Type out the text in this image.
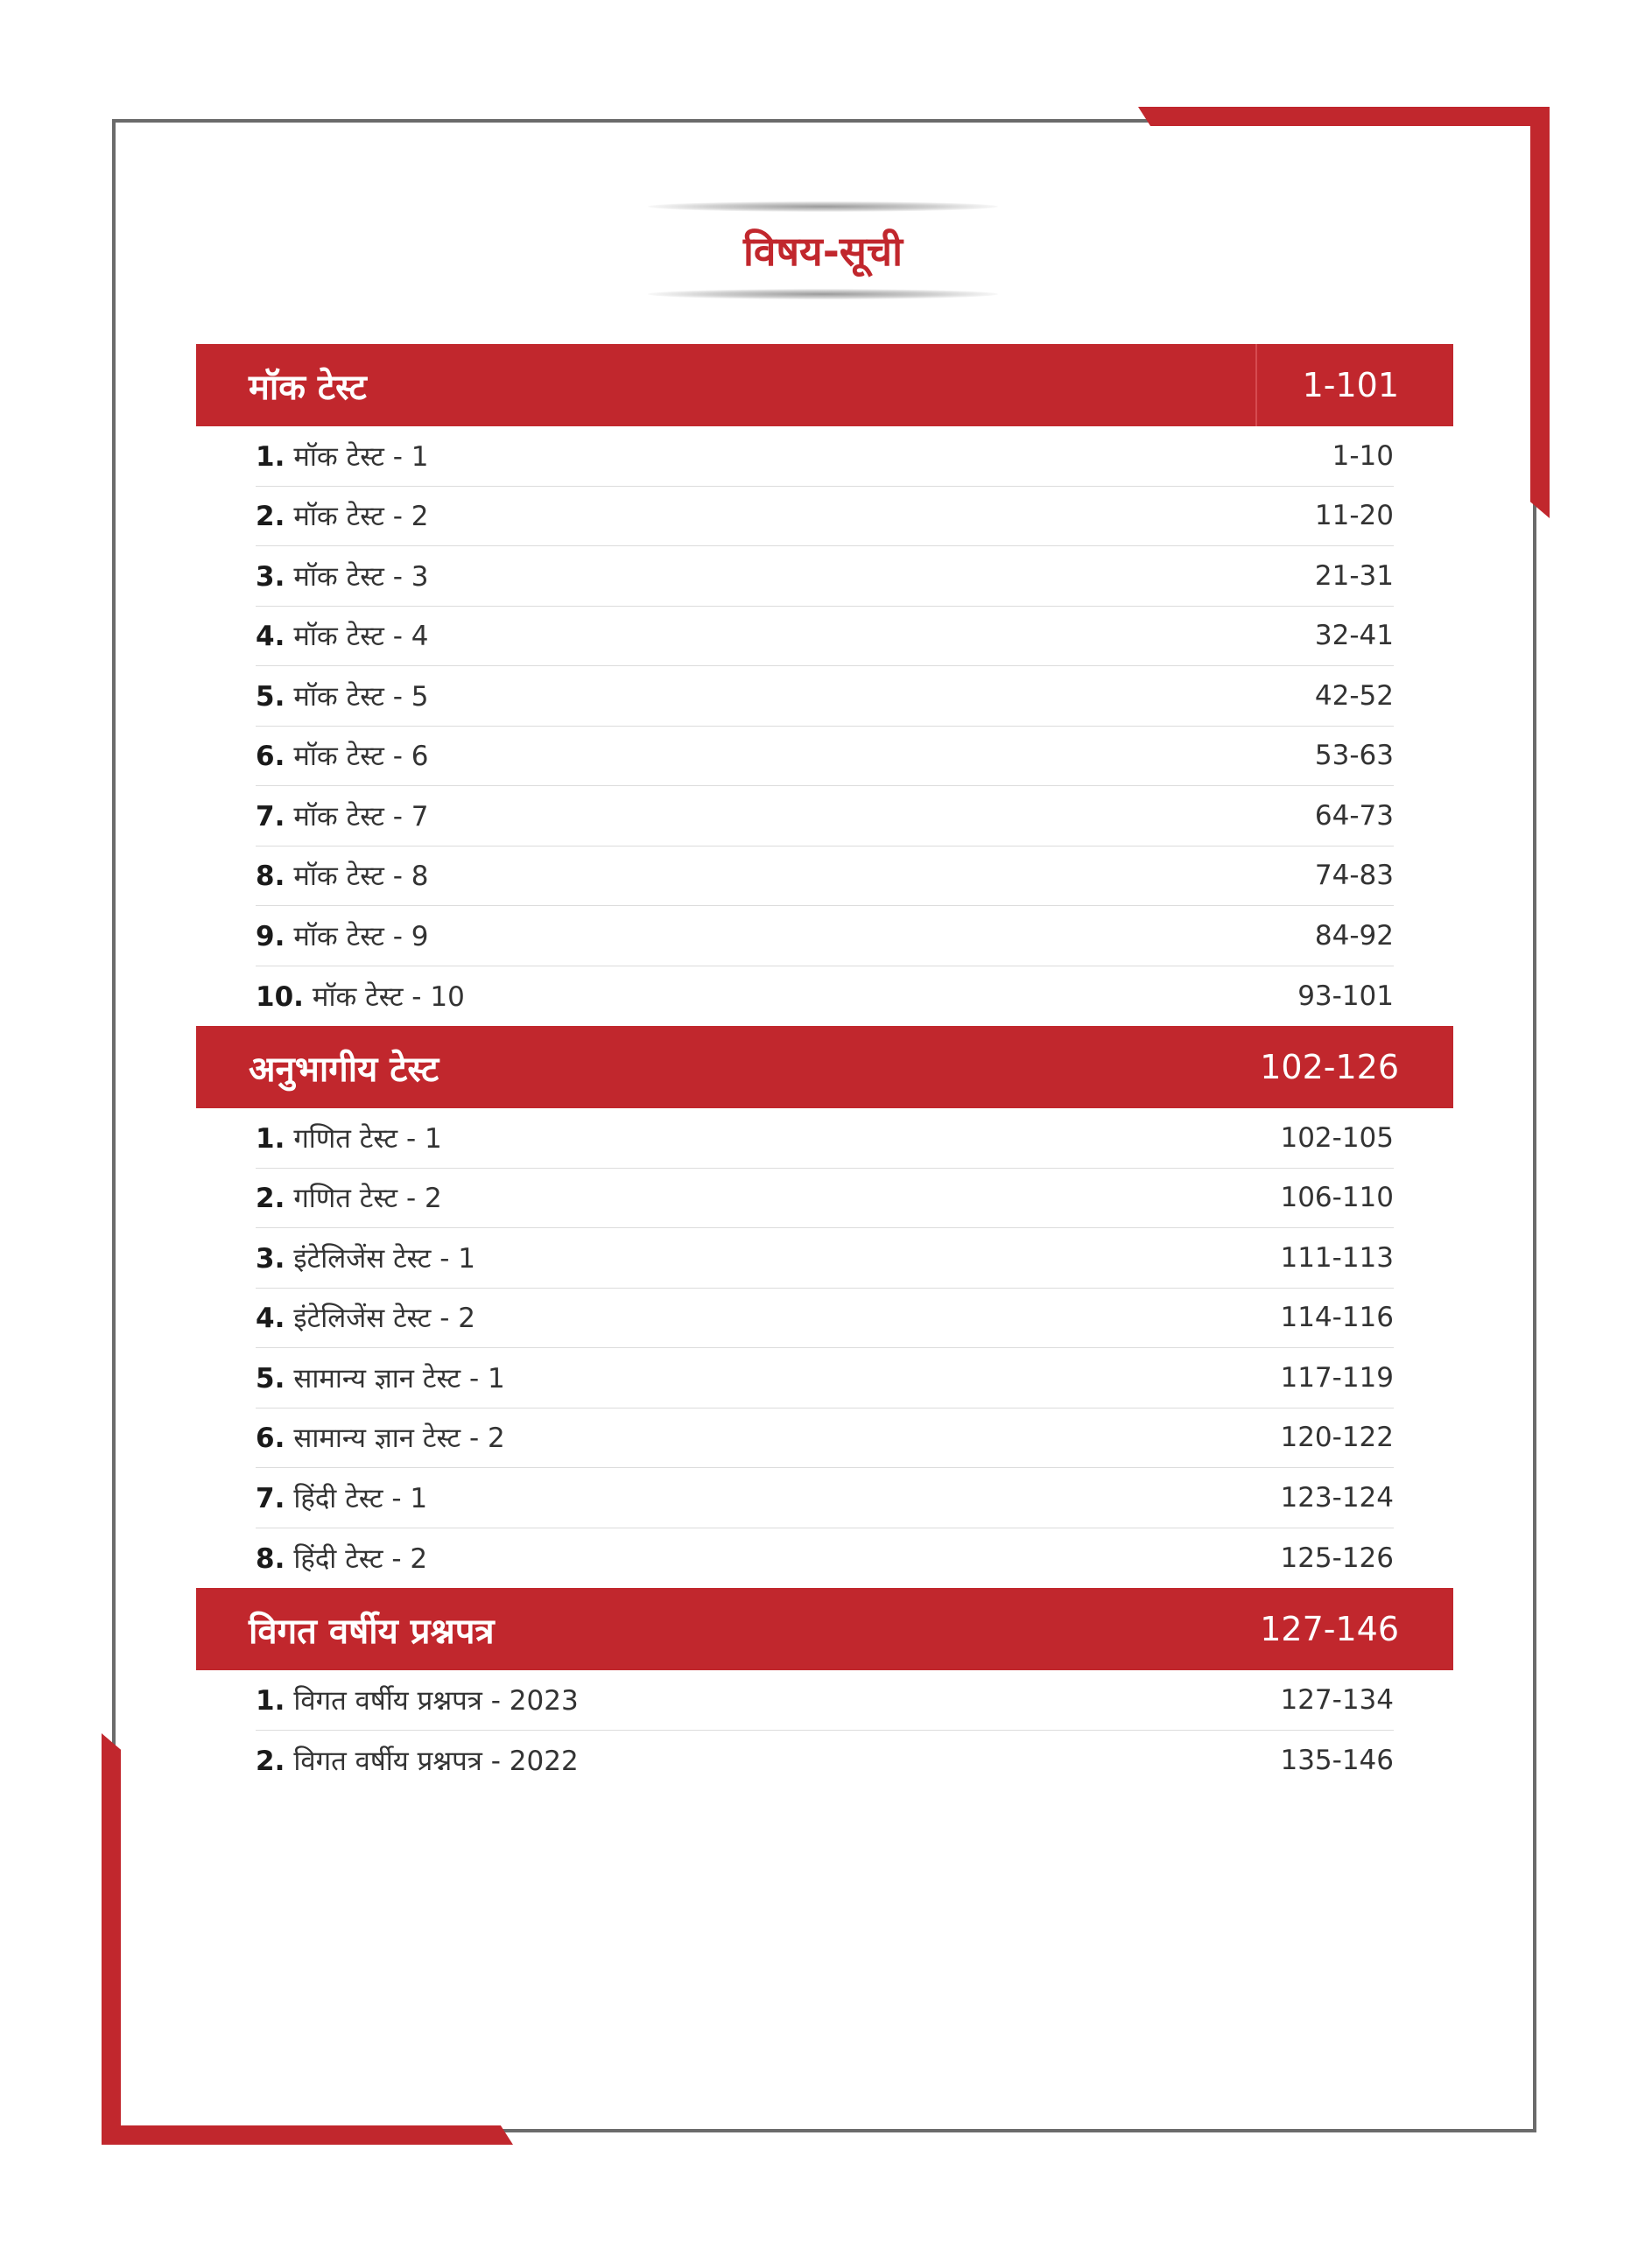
विषय-सूची
मॉक टेस्ट	1-101
1. मॉक टेस्ट - 1	1-10
2. मॉक टेस्ट - 2	11-20
3. मॉक टेस्ट - 3	21-31
4. मॉक टेस्ट - 4	32-41
5. मॉक टेस्ट - 5	42-52
6. मॉक टेस्ट - 6	53-63
7. मॉक टेस्ट - 7	64-73
8. मॉक टेस्ट - 8	74-83
9. मॉक टेस्ट - 9	84-92
10. मॉक टेस्ट - 10	93-101
अनुभागीय टेस्ट	102-126
1. गणित टेस्ट - 1	102-105
2. गणित टेस्ट - 2	106-110
3. इंटेलिजेंस टेस्ट - 1	111-113
4. इंटेलिजेंस टेस्ट - 2	114-116
5. सामान्य ज्ञान टेस्ट - 1	117-119
6. सामान्य ज्ञान टेस्ट - 2	120-122
7. हिंदी टेस्ट - 1	123-124
8. हिंदी टेस्ट - 2	125-126
विगत वर्षीय प्रश्नपत्र	127-146
1. विगत वर्षीय प्रश्नपत्र - 2023	127-134
2. विगत वर्षीय प्रश्नपत्र - 2022	135-146
